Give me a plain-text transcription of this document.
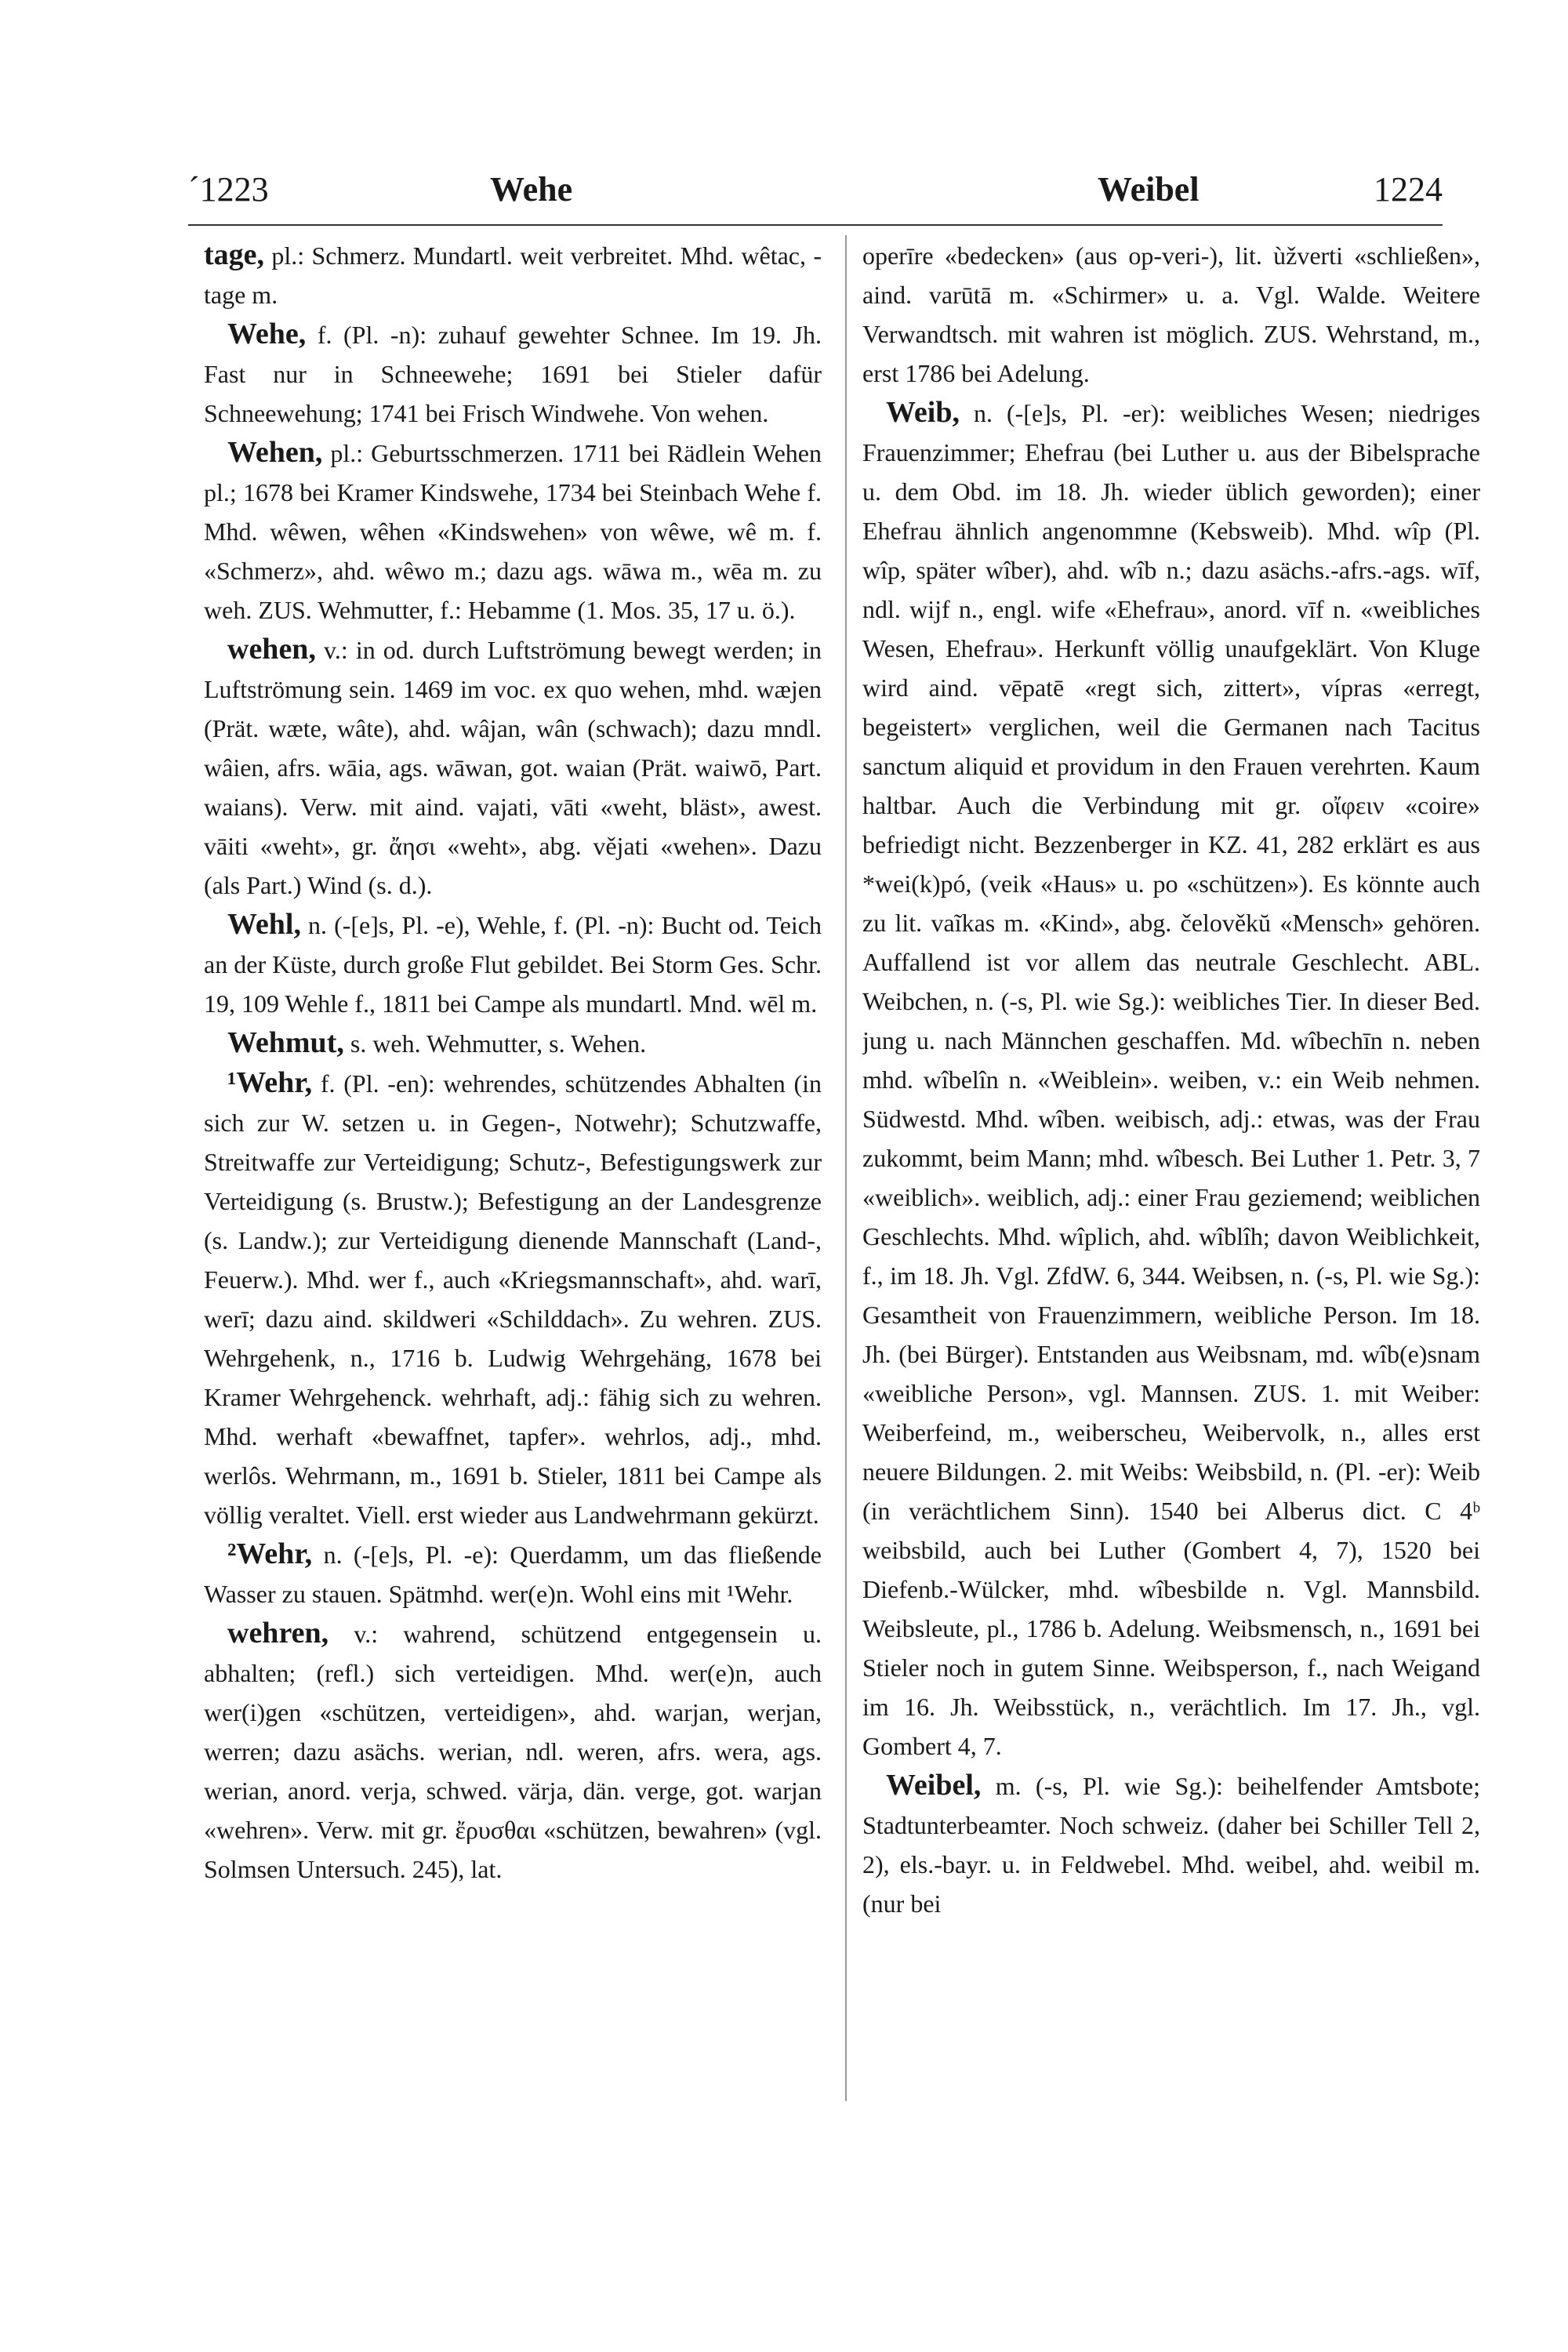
´1223	Wehe	Weibel	1224

tage, pl.: Schmerz. Mundartl. weit verbreitet. Mhd. wêtac, -tage m.

Wehe, f. (Pl. -n): zuhauf gewehter Schnee. Im 19. Jh. Fast nur in Schneewehe; 1691 bei Stieler dafür Schneewehung; 1741 bei Frisch Windwehe. Von wehen.

Wehen, pl.: Geburtsschmerzen. 1711 bei Rädlein Wehen pl.; 1678 bei Kramer Kindswehe, 1734 bei Steinbach Wehe f. Mhd. wêwen, wêhen «Kindswehen» von wêwe, wê m. f. «Schmerz», ahd. wêwo m.; dazu ags. wāwa m., wēa m. zu weh. ZUS. Wehmutter, f.: Hebamme (1. Mos. 35, 17 u. ö.).

wehen, v.: in od. durch Luftströmung bewegt werden; in Luftströmung sein. 1469 im voc. ex quo wehen, mhd. wæjen (Prät. wæte, wâte), ahd. wâjan, wân (schwach); dazu mndl. wâien, afrs. wāia, ags. wāwan, got. waian (Prät. waiwō, Part. waians). Verw. mit aind. vajati, vāti «weht, bläst», awest. vāiti «weht», gr. ἄησι «weht», abg. vějati «wehen». Dazu (als Part.) Wind (s. d.).

Wehl, n. (-[e]s, Pl. -e), Wehle, f. (Pl. -n): Bucht od. Teich an der Küste, durch große Flut gebildet. Bei Storm Ges. Schr. 19, 109 Wehle f., 1811 bei Campe als mundartl. Mnd. wēl m.

Wehmut, s. weh. Wehmutter, s. Wehen.

¹Wehr, f. (Pl. -en): wehrendes, schützendes Abhalten (in sich zur W. setzen u. in Gegen-, Notwehr); Schutzwaffe, Streitwaffe zur Verteidigung; Schutz-, Befestigungswerk zur Verteidigung (s. Brustw.); Befestigung an der Landesgrenze (s. Landw.); zur Verteidigung dienende Mannschaft (Land-, Feuerw.). Mhd. wer f., auch «Kriegsmannschaft», ahd. warī, werī; dazu aind. skildweri «Schilddach». Zu wehren. ZUS. Wehrgehenk, n., 1716 b. Ludwig Wehrgehäng, 1678 bei Kramer Wehrgehenck. wehrhaft, adj.: fähig sich zu wehren. Mhd. werhaft «bewaffnet, tapfer». wehrlos, adj., mhd. werlôs. Wehrmann, m., 1691 b. Stieler, 1811 bei Campe als völlig veraltet. Viell. erst wieder aus Landwehrmann gekürzt.

²Wehr, n. (-[e]s, Pl. -e): Querdamm, um das fließende Wasser zu stauen. Spätmhd. wer(e)n. Wohl eins mit ¹Wehr.

wehren, v.: wahrend, schützend entgegensein u. abhalten; (refl.) sich verteidigen. Mhd. wer(e)n, auch wer(i)gen «schützen, verteidigen», ahd. warjan, werjan, werren; dazu asächs. werian, ndl. weren, afrs. wera, ags. werian, anord. verja, schwed. värja, dän. verge, got. warjan «wehren». Verw. mit gr. ἔρυσθαι «schützen, bewahren» (vgl. Solmsen Untersuch. 245), lat.

operīre «bedecken» (aus op-veri-), lit. ùžverti «schließen», aind. varūtā m. «Schirmer» u. a. Vgl. Walde. Weitere Verwandtsch. mit wahren ist möglich. ZUS. Wehrstand, m., erst 1786 bei Adelung.

Weib, n. (-[e]s, Pl. -er): weibliches Wesen; niedriges Frauenzimmer; Ehefrau (bei Luther u. aus der Bibelsprache u. dem Obd. im 18. Jh. wieder üblich geworden); einer Ehefrau ähnlich angenommne (Kebsweib). Mhd. wîp (Pl. wîp, später wîber), ahd. wîb n.; dazu asächs.-afrs.-ags. wīf, ndl. wijf n., engl. wife «Ehefrau», anord. vīf n. «weibliches Wesen, Ehefrau». Herkunft völlig unaufgeklärt. Von Kluge wird aind. vēpatē «regt sich, zittert», vípras «erregt, begeistert» verglichen, weil die Germanen nach Tacitus sanctum aliquid et providum in den Frauen verehrten. Kaum haltbar. Auch die Verbindung mit gr. οἴφειν «coire» befriedigt nicht. Bezzenberger in KZ. 41, 282 erklärt es aus *wei(k)pó, (veik «Haus» u. po «schützen»). Es könnte auch zu lit. vaĩkas m. «Kind», abg. čelověkŭ «Mensch» gehören. Auffallend ist vor allem das neutrale Geschlecht. ABL. Weibchen, n. (-s, Pl. wie Sg.): weibliches Tier. In dieser Bed. jung u. nach Männchen geschaffen. Md. wîbechīn n. neben mhd. wîbelîn n. «Weiblein». weiben, v.: ein Weib nehmen. Südwestd. Mhd. wîben. weibisch, adj.: etwas, was der Frau zukommt, beim Mann; mhd. wîbesch. Bei Luther 1. Petr. 3, 7 «weiblich». weiblich, adj.: einer Frau geziemend; weiblichen Geschlechts. Mhd. wîplich, ahd. wîblîh; davon Weiblichkeit, f., im 18. Jh. Vgl. ZfdW. 6, 344. Weibsen, n. (-s, Pl. wie Sg.): Gesamtheit von Frauenzimmern, weibliche Person. Im 18. Jh. (bei Bürger). Entstanden aus Weibsnam, md. wîb(e)snam «weibliche Person», vgl. Mannsen. ZUS. 1. mit Weiber: Weiberfeind, m., weiberscheu, Weibervolk, n., alles erst neuere Bildungen. 2. mit Weibs: Weibsbild, n. (Pl. -er): Weib (in verächtlichem Sinn). 1540 bei Alberus dict. C 4ᵇ weibsbild, auch bei Luther (Gombert 4, 7), 1520 bei Diefenb.-Wülcker, mhd. wîbesbilde n. Vgl. Mannsbild. Weibsleute, pl., 1786 b. Adelung. Weibsmensch, n., 1691 bei Stieler noch in gutem Sinne. Weibsperson, f., nach Weigand im 16. Jh. Weibsstück, n., verächtlich. Im 17. Jh., vgl. Gombert 4, 7.

Weibel, m. (-s, Pl. wie Sg.): beihelfender Amtsbote; Stadtunterbeamter. Noch schweiz. (daher bei Schiller Tell 2, 2), els.-bayr. u. in Feldwebel. Mhd. weibel, ahd. weibil m. (nur bei
